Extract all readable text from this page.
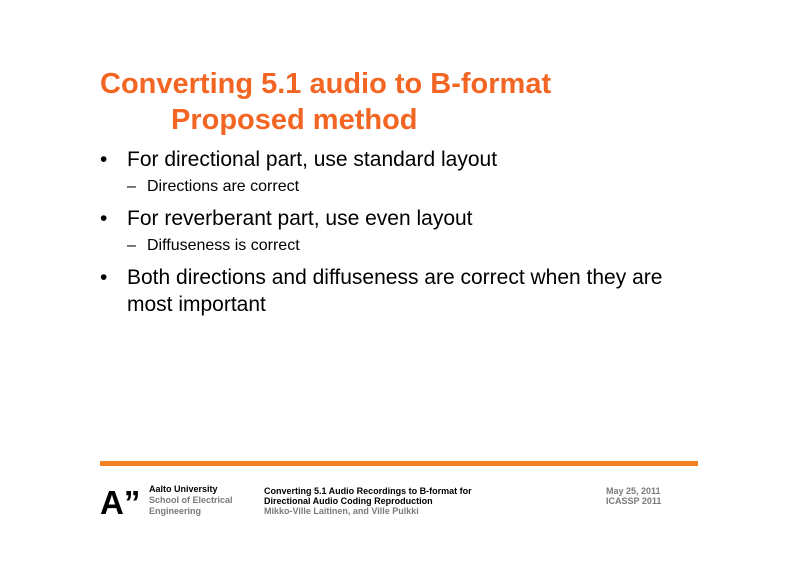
Converting 5.1 audio to B-format
Proposed method
• For directional part, use standard layout
– Directions are correct
• For reverberant part, use even layout
– Diffuseness is correct
• Both directions and diffuseness are correct when they are most important
A” Aalto University
School of Electrical
Engineering
Converting 5.1 Audio Recordings to B-format for
Directional Audio Coding Reproduction
Mikko-Ville Laitinen, and Ville Pulkki
May 25, 2011
ICASSP 2011
